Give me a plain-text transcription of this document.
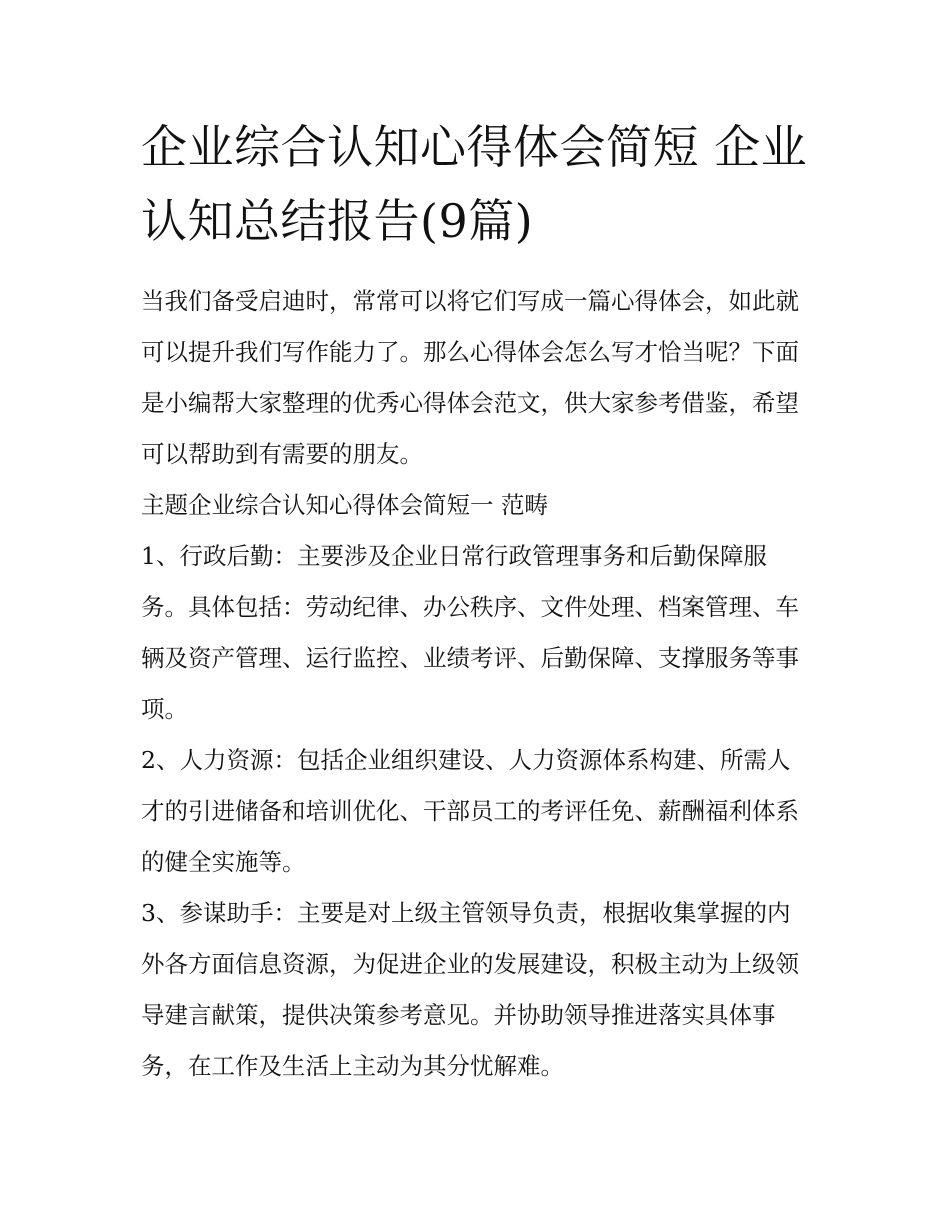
企业综合认知心得体会简短 企业认知总结报告(9篇)

当我们备受启迪时，常常可以将它们写成一篇心得体会，如此就可以提升我们写作能力了。那么心得体会怎么写才恰当呢？下面是小编帮大家整理的优秀心得体会范文，供大家参考借鉴，希望可以帮助到有需要的朋友。

主题企业综合认知心得体会简短一 范畴

1、行政后勤：主要涉及企业日常行政管理事务和后勤保障服务。具体包括：劳动纪律、办公秩序、文件处理、档案管理、车辆及资产管理、运行监控、业绩考评、后勤保障、支撑服务等事项。

2、人力资源：包括企业组织建设、人力资源体系构建、所需人才的引进储备和培训优化、干部员工的考评任免、薪酬福利体系的健全实施等。

3、参谋助手：主要是对上级主管领导负责，根据收集掌握的内外各方面信息资源，为促进企业的发展建设，积极主动为上级领导建言献策，提供决策参考意见。并协助领导推进落实具体事务，在工作及生活上主动为其分忧解难。
